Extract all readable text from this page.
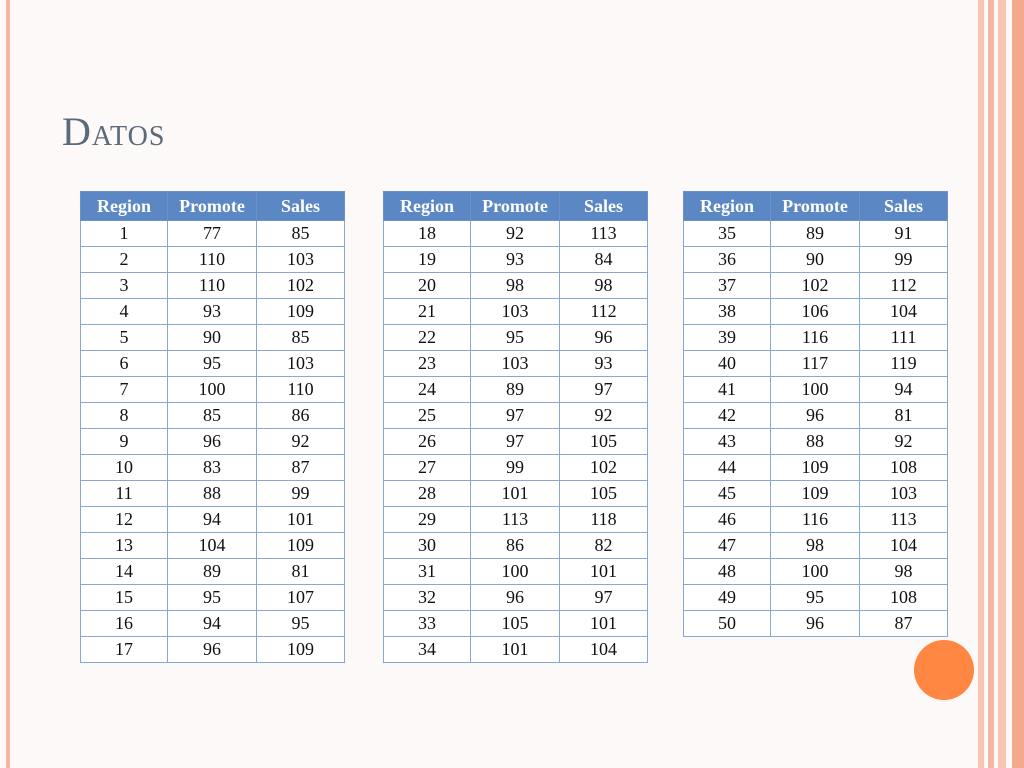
Datos
Region	Promote	Sales
1	77	85
2	110	103
3	110	102
4	93	109
5	90	85
6	95	103
7	100	110
8	85	86
9	96	92
10	83	87
11	88	99
12	94	101
13	104	109
14	89	81
15	95	107
16	94	95
17	96	109
Region	Promote	Sales
18	92	113
19	93	84
20	98	98
21	103	112
22	95	96
23	103	93
24	89	97
25	97	92
26	97	105
27	99	102
28	101	105
29	113	118
30	86	82
31	100	101
32	96	97
33	105	101
34	101	104
Region	Promote	Sales
35	89	91
36	90	99
37	102	112
38	106	104
39	116	111
40	117	119
41	100	94
42	96	81
43	88	92
44	109	108
45	109	103
46	116	113
47	98	104
48	100	98
49	95	108
50	96	87
